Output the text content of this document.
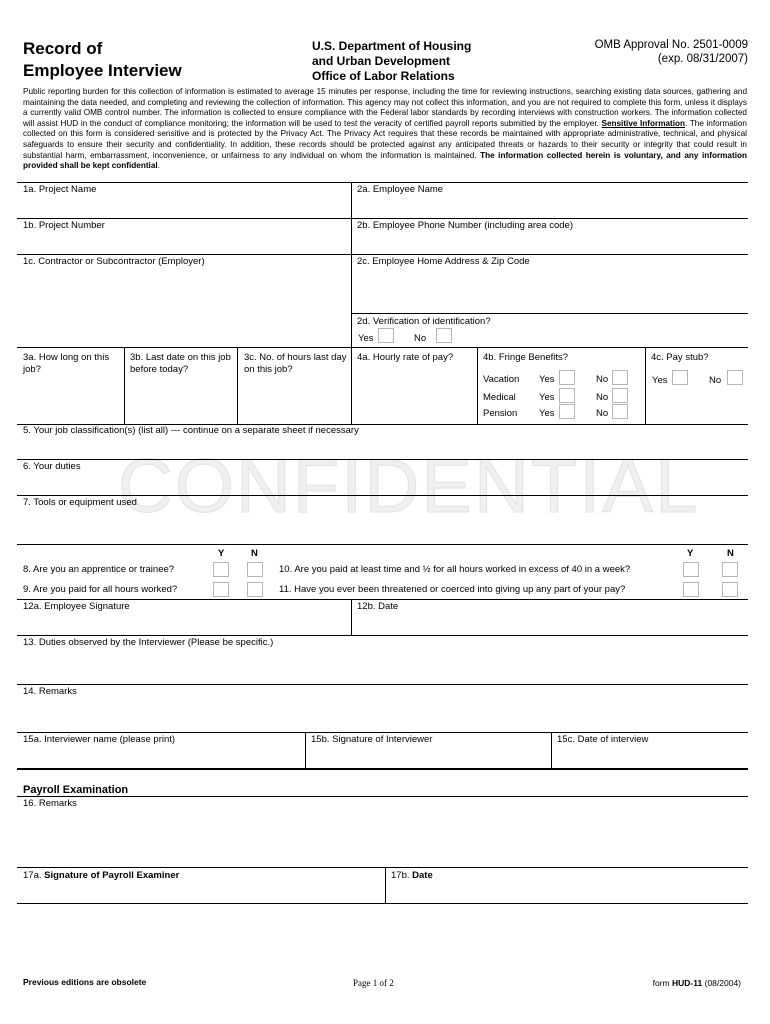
CONFIDENTIAL
Record of
Employee Interview
U.S. Department of Housing
and Urban Development
Office of Labor Relations
OMB Approval No. 2501-0009
(exp. 08/31/2007)
Public reporting burden for this collection of information is estimated to average 15 minutes per response, including the time for reviewing instructions, searching existing data sources, gathering and maintaining the data needed, and completing and reviewing the collection of information. This agency may not collect this information, and you are not required to complete this form, unless it displays a currently valid OMB control number. The information is collected to ensure compliance with the Federal labor standards by recording interviews with construction workers. The information collected will assist HUD in the conduct of compliance monitoring; the information will be used to test the veracity of certified payroll reports submitted by the employer. Sensitive Information. The information collected on this form is considered sensitive and is protected by the Privacy Act. The Privacy Act requires that these records be maintained with appropriate administrative, technical, and physical safeguards to ensure their security and confidentiality. In addition, these records should be protected against any anticipated threats or hazards to their security or integrity that could result in substantial harm, embarrassment, inconvenience, or unfairness to any individual on whom the information is maintained. The information collected herein is voluntary, and any information provided shall be kept confidential.
1a. Project Name	2a. Employee Name
1b. Project Number	2b. Employee Phone Number (including area code)
1c. Contractor or Subcontractor (Employer)	2c. Employee Home Address & Zip Code
2d. Verification of identification?
Yes	No
3a. How long on this job?
3b. Last date on this job before today?
3c. No. of hours last day on this job?
4a. Hourly rate of pay?	4b. Fringe Benefits?	4c. Pay stub?
Vacation Yes	No
Medical Yes	No
Pension Yes	No
Yes	No
5. Your job classification(s) (list all) --- continue on a separate sheet if necessary
6. Your duties
7. Tools or equipment used
Y	N	Y	N
8. Are you an apprentice or trainee?	10. Are you paid at least time and ½ for all hours worked in excess of 40 in a week?
9. Are you paid for all hours worked?	11. Have you ever been threatened or coerced into giving up any part of your pay?
12a. Employee Signature	12b. Date
13. Duties observed by the Interviewer (Please be specific.)
14. Remarks
15a. Interviewer name (please print)	15b. Signature of Interviewer	15c. Date of interview
Payroll Examination
16. Remarks
17a. Signature of Payroll Examiner	17b. Date
Previous editions are obsolete	Page 1 of 2	form HUD-11 (08/2004)
